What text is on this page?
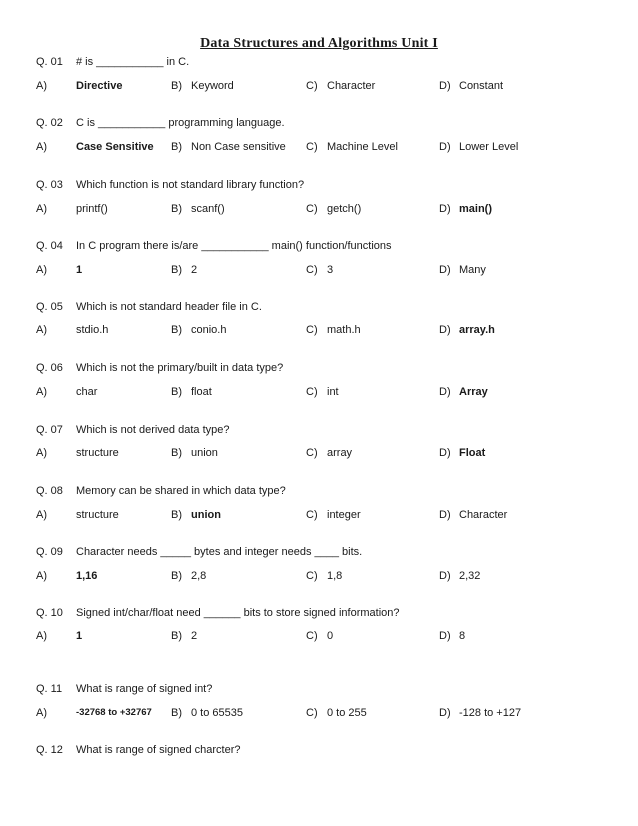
Data Structures and Algorithms Unit I
Q. 01 # is ___________ in C.
A)	Directive	B) Keyword	C) Character	D) Constant
Q. 02 C is ___________ programming language.
A)	Case Sensitive B) Non Case sensitive C) Machine Level	D) Lower Level
Q. 03 Which function is not standard library function?
A)	printf()	B) scanf()	C) getch()	D) main()
Q. 04 In C program there is/are ___________ main() function/functions
A)	1	B) 2	C) 3	D) Many
Q. 05 Which is not standard header file in C.
A)	stdio.h	B) conio.h	C) math.h	D) array.h
Q. 06 Which is not the primary/built in data type?
A)	char	B) float	C) int	D) Array
Q. 07 Which is not derived data type?
A)	structure	B) union	C) array	D) Float
Q. 08 Memory can be shared in which data type?
A)	structure	B) union	C) integer	D) Character
Q. 09 Character needs _____ bytes and integer needs ____ bits.
A)	1,16	B) 2,8	C) 1,8	D) 2,32
Q. 10 Signed int/char/float need ______ bits to store signed information?
A)	1	B) 2	C) 0	D) 8
Q. 11 What is range of signed int?
A)	-32768 to +32767 B) 0 to 65535	C) 0 to 255	D) -128 to +127
Q. 12 What is range of signed charcter?
